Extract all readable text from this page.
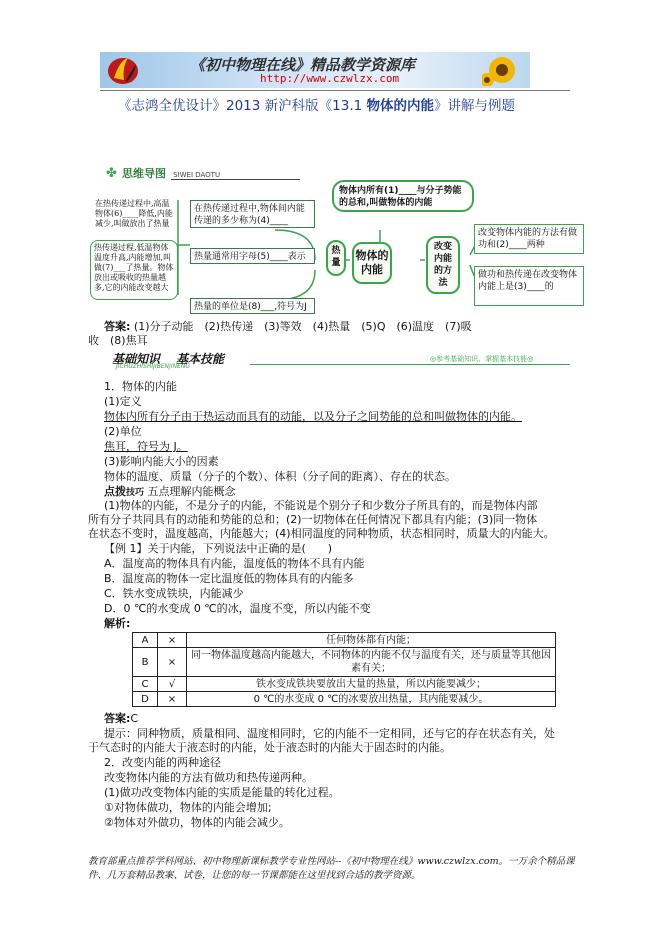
《初中物理在线》精品教学资源库
http://www.czwlzx.com
《志鸿全优设计》2013 新沪科版《13.1 物体的内能》讲解与例题
✤ 思维导图 SIWEI DAOTU
在热传递过程中,高温物体(6)____降低,内能减少,叫做放出了热量
热传递过程,低温物体温度升高,内能增加,叫做(7)___了热量。物体放出或吸收的热量越多,它的内能改变越大
在热传递过程中,物体间内能传递的多少称为(4)____
热量通常用字母(5)____表示
热量的单位是(8)___,符号为J
热量
物体的内能
物体内所有(1)____与分子势能的总和,叫做物体的内能
改变内能的方法
改变物体内能的方法有做功和(2)____两种
做功和热传递在改变物体内能上是(3)____的
答案: (1)分子动能　(2)热传递　(3)等效　(4)热量　(5)Q　(6)温度　(7)吸
收　(8)焦耳
基础知识 基本技能
JICHUZHISHIJIBENJINENG
◎参考基础知识、掌握基本技能◎
1．物体的内能
(1)定义
物体内所有分子由于热运动而具有的动能，以及分子之间势能的总和叫做物体的内能。
(2)单位
焦耳，符号为 J。
(3)影响内能大小的因素
物体的温度、质量（分子的个数）、体积（分子间的距离）、存在的状态。
点拨技巧 五点理解内能概念
(1)物体的内能，不是分子的内能，不能说是个别分子和少数分子所具有的，而是物体内部
所有分子共同具有的动能和势能的总和；(2)一切物体在任何情况下都具有内能；(3)同一物体
在状态不变时，温度越高，内能越大；(4)相同温度的同种物质，状态相同时，质量大的内能大。
【例 1】关于内能，下列说法中正确的是(　　)
A．温度高的物体具有内能，温度低的物体不具有内能
B．温度高的物体一定比温度低的物体具有的内能多
C．铁水变成铁块，内能减少
D．0 ℃的水变成 0 ℃的冰，温度不变，所以内能不变
解析:
A	×	任何物体都有内能；
B	×	同一物体温度越高内能越大，不同物体的内能不仅与温度有关，还与质量等其他因素有关；
C	√	铁水变成铁块要放出大量的热量，所以内能要减少；
D	×	0 ℃的水变成 0 ℃的冰要放出热量，其内能要减少。
答案:C
提示：同种物质，质量相同、温度相同时，它的内能不一定相同，还与它的存在状态有关，处
于气态时的内能大于液态时的内能，处于液态时的内能大于固态时的内能。
2．改变内能的两种途径
改变物体内能的方法有做功和热传递两种。
(1)做功改变物体内能的实质是能量的转化过程。
①对物体做功，物体的内能会增加;
②物体对外做功，物体的内能会减少。
教育部重点推荐学科网站、初中物理新课标教学专业性网站--《初中物理在线》www.czwlzx.com。一万余个精品课
件、几万套精品教案、试卷，让您的每一节课都能在这里找到合适的教学资源。
